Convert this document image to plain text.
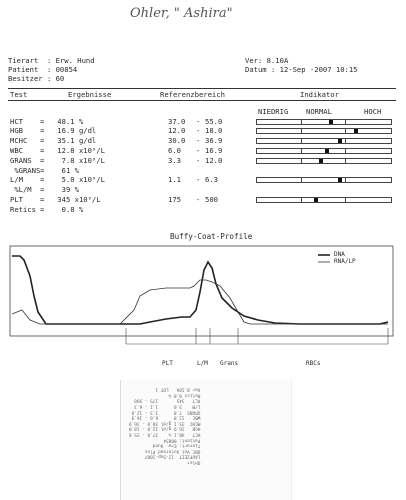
Ohler, " Ashira"
Tierart  : Erw. Hund
Patient  : 00854
Besitzer : 60
Ver: 8.10A
Datum : 12-Sep -2007 10:15
Test	Ergebnisse	Referenzbereich	Indikator
NIEDRIG NORMAL	HOCH
HCT =   48.1 %	37.0 - 55.0
HGB =   16.9 g/dl	12.0 - 18.0
MCHC =   35.1 g/dl	30.0 - 36.9
WBC =   12.8 x10⁹/L	6.0 - 16.9
GRANS =    7.8 x10⁹/L	3.3 - 12.0
%GRANS =    61 %
L/M =    5.0 x10⁹/L	1.1 - 6.3
%L/M =    39 %
PLT =   345 x10⁹/L	175 - 500
Retics =    0.8 %
Buffy-Coat-Profile
DNA
RNA/LP
PLT	L/M Grans	RBCs
Ohler
LAUFZEIT  12-Sep-2007
QBC Vet Autoread Plus
Tierart: Erw. Hund
Patient: 00854
HCT   48.1 %    37.0 - 55.0
HGB   16.9 g/dl 12.0 - 18.0
MCHC  35.1 g/dl 30.0 - 36.9
WBC   12.8      6.0 - 16.9
GRANS  7.8      3.3 - 12.0
L/M    5.0      1.1 - 6.3
PLT   345       175 - 500
Retics 0.8 %
Ver 8.10A   LOT 1
